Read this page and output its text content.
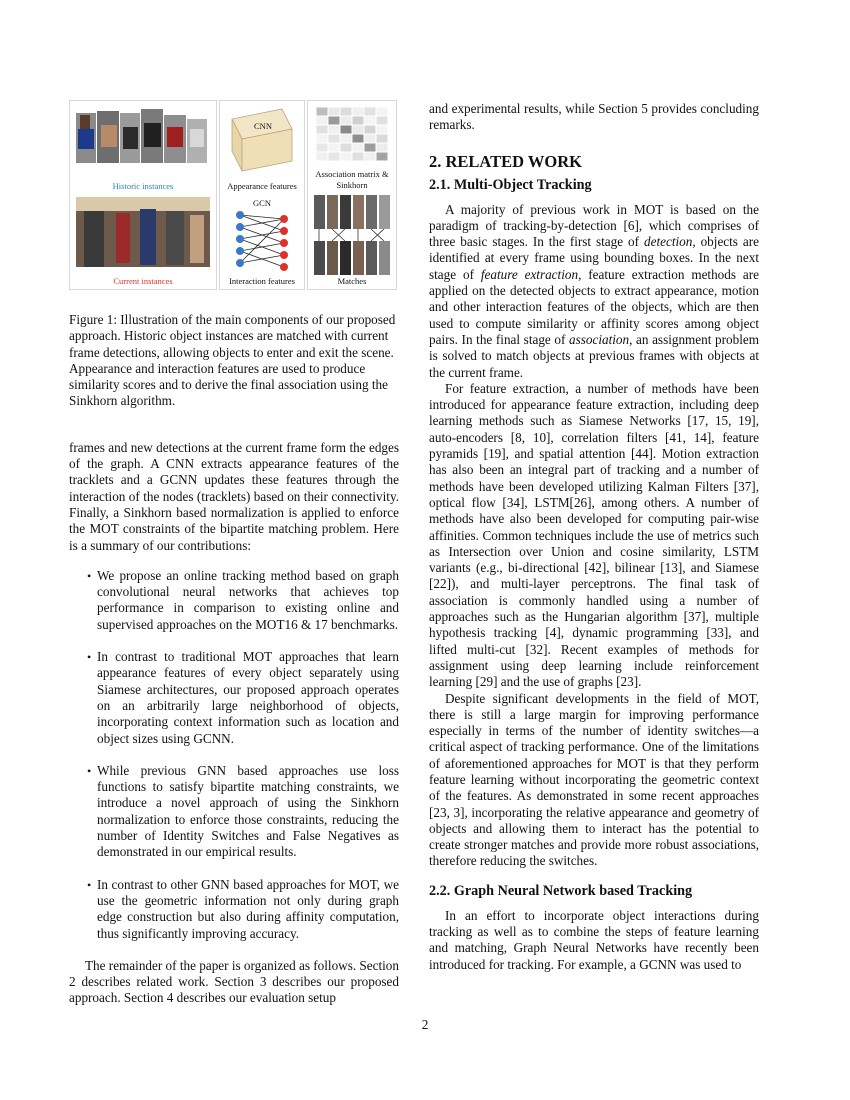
Historic instances
Current instances
CNN
Appearance features
GCN
Interaction features
Association matrix &
Sinkhorn
Matches

Figure 1: Illustration of the main components of our proposed approach. Historic object instances are matched with current frame detections, allowing objects to enter and exit the scene. Appearance and interaction features are used to produce similarity scores and to derive the final association using the Sinkhorn algorithm.

frames and new detections at the current frame form the edges of the graph. A CNN extracts appearance features of the tracklets and a GCNN updates these features through the interaction of the nodes (tracklets) based on their connectivity. Finally, a Sinkhorn based normalization is applied to enforce the MOT constraints of the bipartite matching problem. Here is a summary of our contributions:

• We propose an online tracking method based on graph convolutional neural networks that achieves top performance in comparison to existing online and supervised approaches on the MOT16 & 17 benchmarks.

• In contrast to traditional MOT approaches that learn appearance features of every object separately using Siamese architectures, our proposed approach operates on an arbitrarily large neighborhood of objects, incorporating context information such as location and object sizes using GCNN.

• While previous GNN based approaches use loss functions to satisfy bipartite matching constraints, we introduce a novel approach of using the Sinkhorn normalization to enforce those constraints, reducing the number of Identity Switches and False Negatives as demonstrated in our empirical results.

• In contrast to other GNN based approaches for MOT, we use the geometric information not only during graph edge construction but also during affinity computation, thus significantly improving accuracy.

The remainder of the paper is organized as follows. Section 2 describes related work. Section 3 describes our proposed approach. Section 4 describes our evaluation setup

and experimental results, while Section 5 provides concluding remarks.

2. RELATED WORK
2.1. Multi-Object Tracking

A majority of previous work in MOT is based on the paradigm of tracking-by-detection [6], which comprises of three basic stages. In the first stage of detection, objects are identified at every frame using bounding boxes. In the next stage of feature extraction, feature extraction methods are applied on the detected objects to extract appearance, motion and other interaction features of the objects, which are then used to compute similarity or affinity scores among object pairs. In the final stage of association, an assignment problem is solved to match objects at previous frames with objects at the current frame.

For feature extraction, a number of methods have been introduced for appearance feature extraction, including deep learning methods such as Siamese Networks [17, 15, 19], auto-encoders [8, 10], correlation filters [41, 14], feature pyramids [19], and spatial attention [44]. Motion extraction has also been an integral part of tracking and a number of methods have been developed utilizing Kalman Filters [37], optical flow [34], LSTM[26], among others. A number of methods have also been developed for computing pair-wise affinities. Common techniques include the use of metrics such as Intersection over Union and cosine similarity, LSTM variants (e.g., bi-directional [42], bilinear [13], and Siamese [22]), and multi-layer perceptrons. The final task of association is commonly handled using a number of approaches such as the Hungarian algorithm [37], multiple hypothesis tracking [4], dynamic programming [33], and lifted multi-cut [32]. Recent examples of methods for assignment using deep learning include reinforcement learning [29] and the use of graphs [23].

Despite significant developments in the field of MOT, there is still a large margin for improving performance especially in terms of the number of identity switches—a critical aspect of tracking performance. One of the limitations of aforementioned approaches for MOT is that they perform feature learning without incorporating the geometric context of the features. As demonstrated in some recent approaches [23, 3], incorporating the relative appearance and geometry of objects and allowing them to interact has the potential to create stronger matches and provide more robust associations, therefore reducing the switches.

2.2. Graph Neural Network based Tracking

In an effort to incorporate object interactions during tracking as well as to combine the steps of feature learning and matching, Graph Neural Networks have recently been introduced for tracking. For example, a GCNN was used to

2
